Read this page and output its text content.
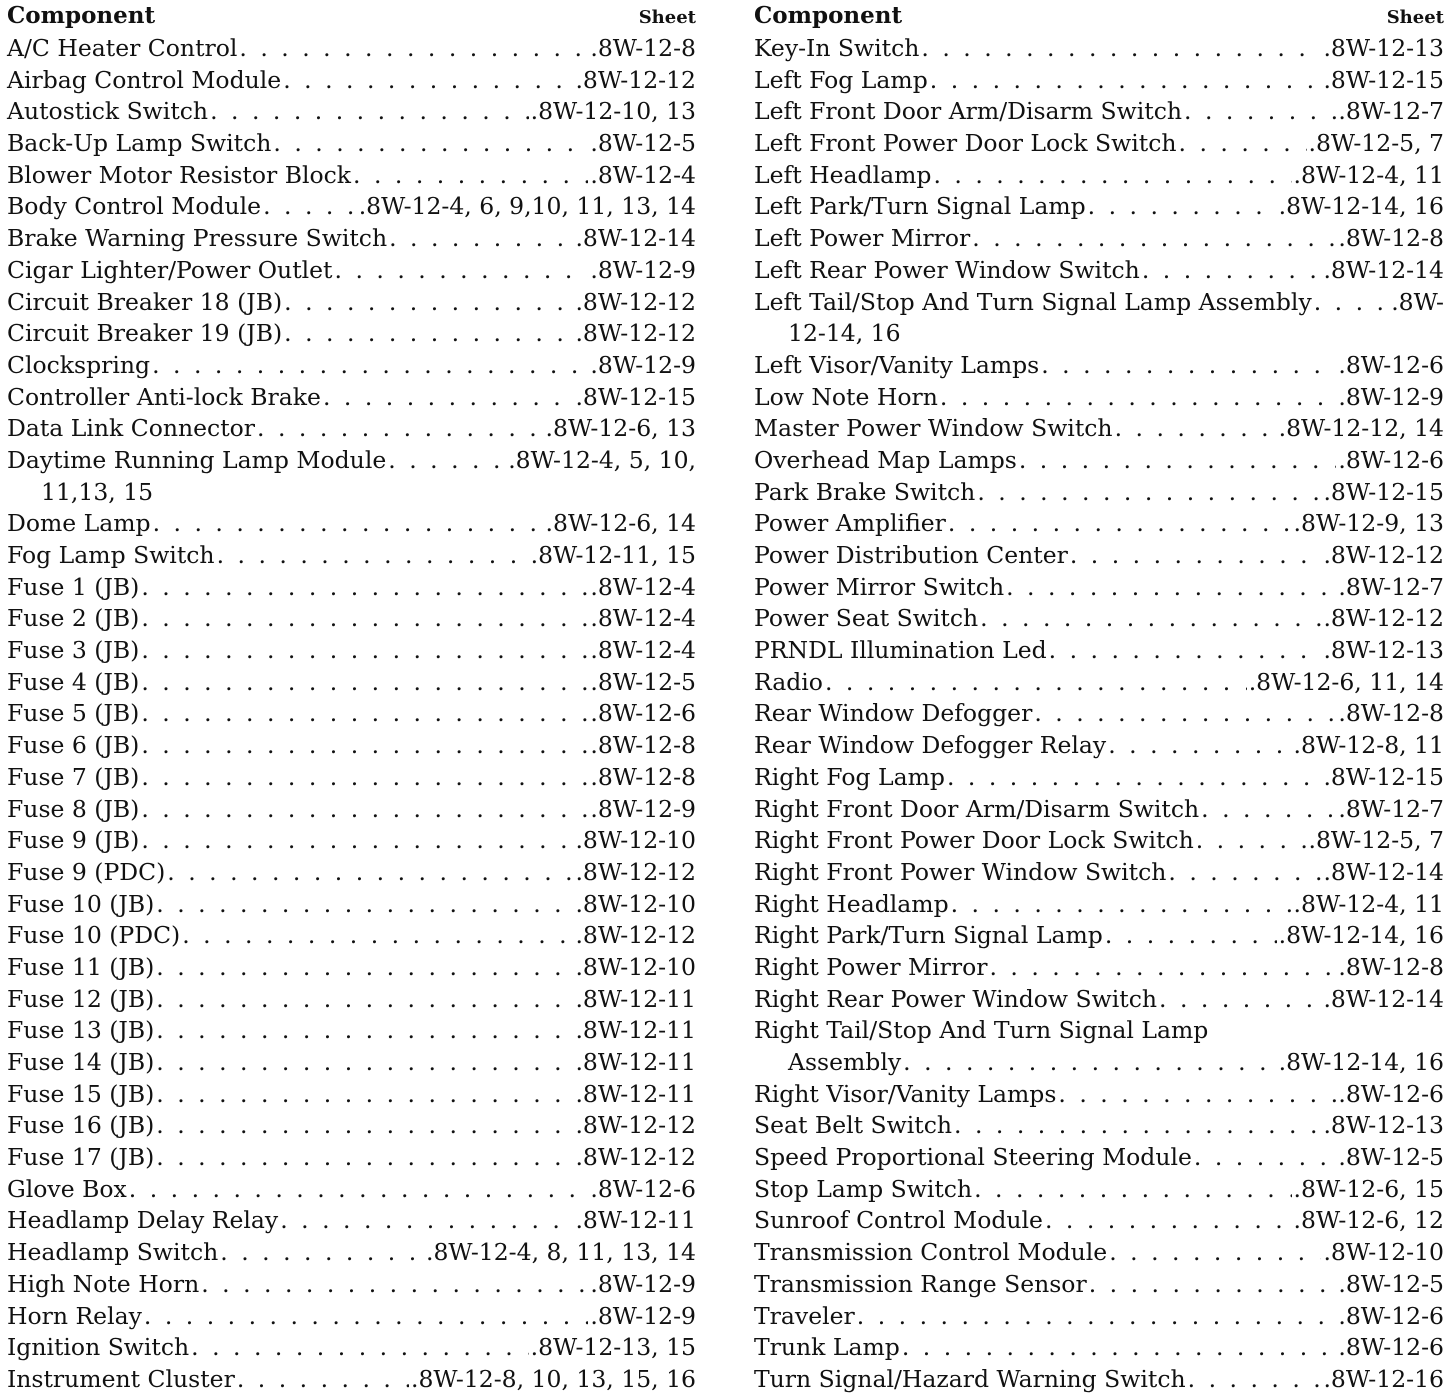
Component	Sheet
A/C Heater Control . . .	.8W-12-8
Airbag Control Module . . .	.8W-12-12
Autostick Switch . . .	.8W-12-10, 13
Back-Up Lamp Switch . . .	.8W-12-5
Blower Motor Resistor Block . . .	.8W-12-4
Body Control Module . . .	.8W-12-4, 6, 9,10, 11, 13, 14
Brake Warning Pressure Switch . . .	.8W-12-14
Cigar Lighter/Power Outlet . . .	.8W-12-9
Circuit Breaker 18 (JB) . . .	.8W-12-12
Circuit Breaker 19 (JB) . . .	.8W-12-12
Clockspring . . .	.8W-12-9
Controller Anti-lock Brake . . .	.8W-12-15
Data Link Connector . . .	.8W-12-6, 13
Daytime Running Lamp Module . . .	.8W-12-4, 5, 10,
11,13, 15
Dome Lamp . . .	.8W-12-6, 14
Fog Lamp Switch . . .	.8W-12-11, 15
Fuse 1 (JB) . . .	.8W-12-4
Fuse 2 (JB) . . .	.8W-12-4
Fuse 3 (JB) . . .	.8W-12-4
Fuse 4 (JB) . . .	.8W-12-5
Fuse 5 (JB) . . .	.8W-12-6
Fuse 6 (JB) . . .	.8W-12-8
Fuse 7 (JB) . . .	.8W-12-8
Fuse 8 (JB) . . .	.8W-12-9
Fuse 9 (JB) . . .	.8W-12-10
Fuse 9 (PDC) . . .	.8W-12-12
Fuse 10 (JB) . . .	.8W-12-10
Fuse 10 (PDC) . . .	.8W-12-12
Fuse 11 (JB) . . .	.8W-12-10
Fuse 12 (JB) . . .	.8W-12-11
Fuse 13 (JB) . . .	.8W-12-11
Fuse 14 (JB) . . .	.8W-12-11
Fuse 15 (JB) . . .	.8W-12-11
Fuse 16 (JB) . . .	.8W-12-12
Fuse 17 (JB) . . .	.8W-12-12
Glove Box . . .	.8W-12-6
Headlamp Delay Relay . . .	.8W-12-11
Headlamp Switch . . .	.8W-12-4, 8, 11, 13, 14
High Note Horn . . .	.8W-12-9
Horn Relay . . .	.8W-12-9
Ignition Switch . . .	.8W-12-13, 15
Instrument Cluster . . .	.8W-12-8, 10, 13, 15, 16
Component	Sheet
Key-In Switch . . .	.8W-12-13
Left Fog Lamp . . .	.8W-12-15
Left Front Door Arm/Disarm Switch . . .	.8W-12-7
Left Front Power Door Lock Switch . . .	.8W-12-5, 7
Left Headlamp . . .	.8W-12-4, 11
Left Park/Turn Signal Lamp . . .	.8W-12-14, 16
Left Power Mirror . . .	.8W-12-8
Left Rear Power Window Switch . . .	.8W-12-14
Left Tail/Stop And Turn Signal Lamp Assembly . . .	.8W-
12-14, 16
Left Visor/Vanity Lamps . . .	.8W-12-6
Low Note Horn . . .	.8W-12-9
Master Power Window Switch . . .	.8W-12-12, 14
Overhead Map Lamps . . .	.8W-12-6
Park Brake Switch . . .	.8W-12-15
Power Amplifier . . .	.8W-12-9, 13
Power Distribution Center . . .	.8W-12-12
Power Mirror Switch . . .	.8W-12-7
Power Seat Switch . . .	.8W-12-12
PRNDL Illumination Led . . .	.8W-12-13
Radio . . .	.8W-12-6, 11, 14
Rear Window Defogger . . .	.8W-12-8
Rear Window Defogger Relay . . .	.8W-12-8, 11
Right Fog Lamp . . .	.8W-12-15
Right Front Door Arm/Disarm Switch . . .	.8W-12-7
Right Front Power Door Lock Switch . . .	.8W-12-5, 7
Right Front Power Window Switch . . .	.8W-12-14
Right Headlamp . . .	.8W-12-4, 11
Right Park/Turn Signal Lamp . . .	.8W-12-14, 16
Right Power Mirror . . .	.8W-12-8
Right Rear Power Window Switch . . .	.8W-12-14
Right Tail/Stop And Turn Signal Lamp
Assembly . . .	.8W-12-14, 16
Right Visor/Vanity Lamps . . .	.8W-12-6
Seat Belt Switch . . .	.8W-12-13
Speed Proportional Steering Module . . .	.8W-12-5
Stop Lamp Switch . . .	.8W-12-6, 15
Sunroof Control Module . . .	.8W-12-6, 12
Transmission Control Module . . .	.8W-12-10
Transmission Range Sensor . . .	.8W-12-5
Traveler . . .	.8W-12-6
Trunk Lamp . . .	.8W-12-6
Turn Signal/Hazard Warning Switch . . .	.8W-12-16
